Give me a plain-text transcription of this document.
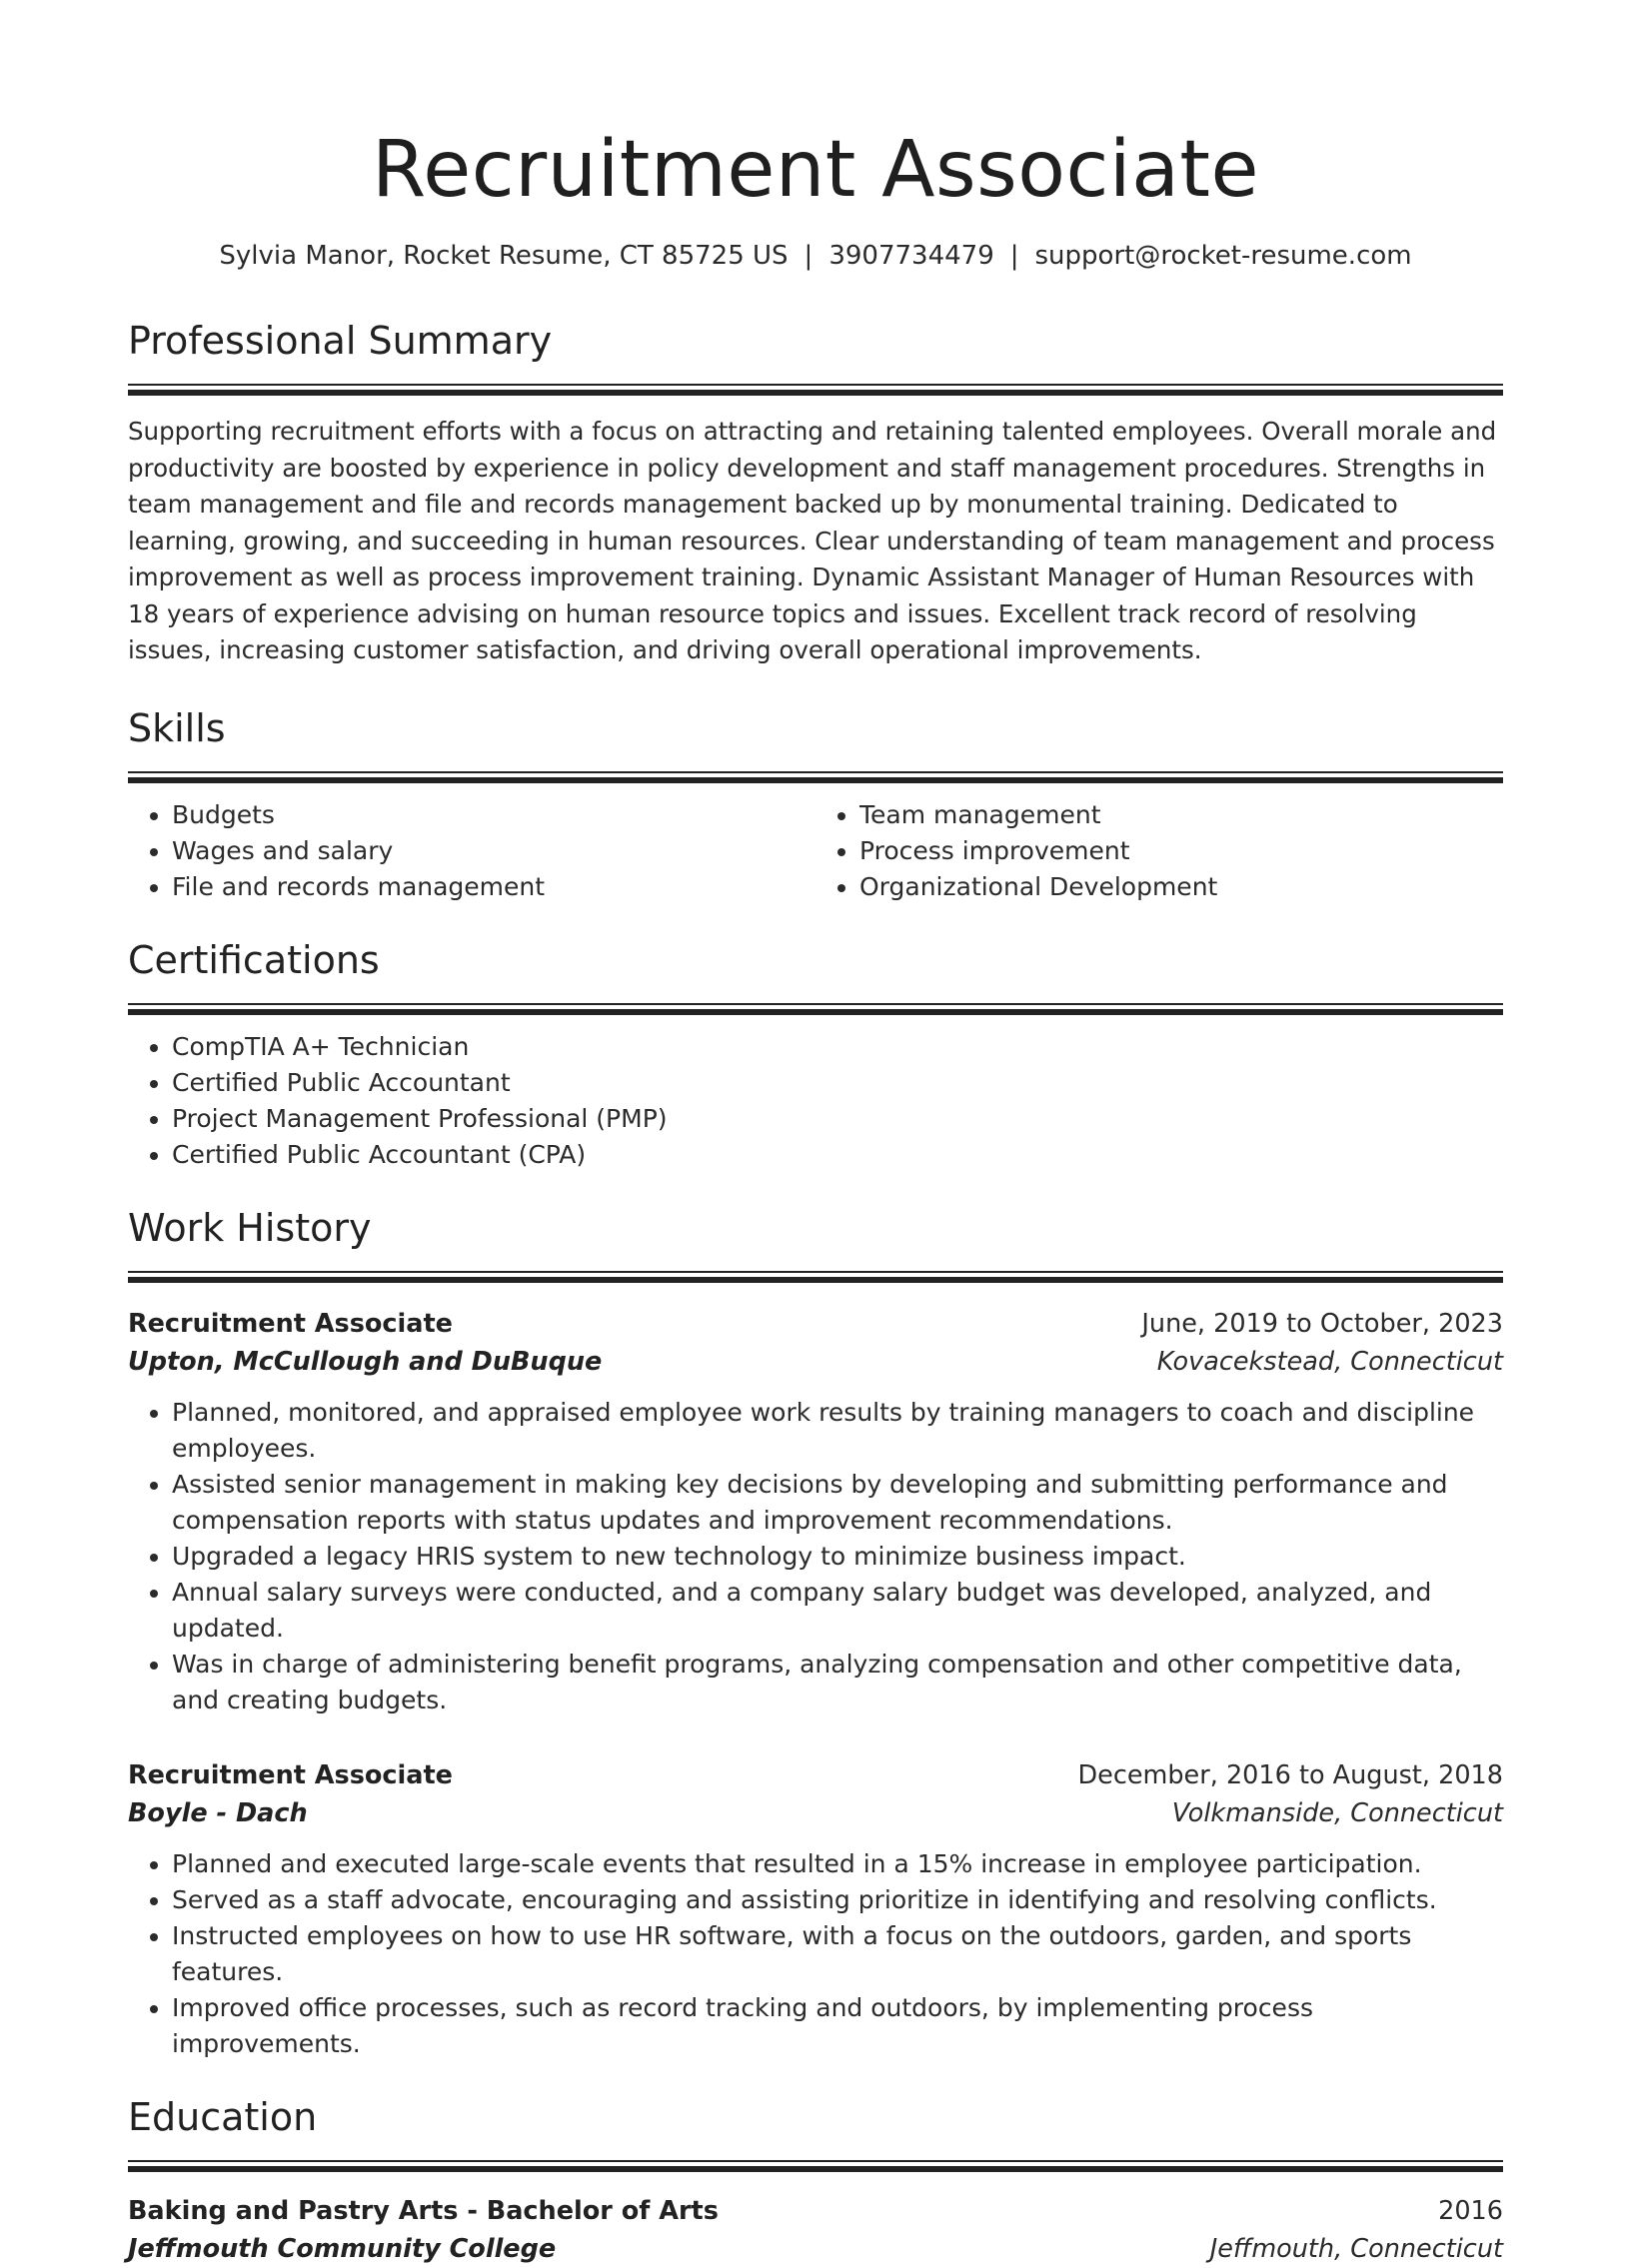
Recruitment Associate
Sylvia Manor, Rocket Resume, CT 85725 US | 3907734479 | support@rocket-resume.com
Professional Summary
Supporting recruitment efforts with a focus on attracting and retaining talented employees. Overall morale and productivity are boosted by experience in policy development and staff management procedures. Strengths in team management and file and records management backed up by monumental training. Dedicated to learning, growing, and succeeding in human resources. Clear understanding of team management and process improvement as well as process improvement training. Dynamic Assistant Manager of Human Resources with 18 years of experience advising on human resource topics and issues. Excellent track record of resolving issues, increasing customer satisfaction, and driving overall operational improvements.
Skills
• Budgets
• Wages and salary
• File and records management
• Team management
• Process improvement
• Organizational Development
Certifications
• CompTIA A+ Technician
• Certified Public Accountant
• Project Management Professional (PMP)
• Certified Public Accountant (CPA)
Work History
Recruitment Associate	June, 2019 to October, 2023
Upton, McCullough and DuBuque	Kovacekstead, Connecticut
• Planned, monitored, and appraised employee work results by training managers to coach and discipline employees.
• Assisted senior management in making key decisions by developing and submitting performance and compensation reports with status updates and improvement recommendations.
• Upgraded a legacy HRIS system to new technology to minimize business impact.
• Annual salary surveys were conducted, and a company salary budget was developed, analyzed, and updated.
• Was in charge of administering benefit programs, analyzing compensation and other competitive data, and creating budgets.
Recruitment Associate	December, 2016 to August, 2018
Boyle - Dach	Volkmanside, Connecticut
• Planned and executed large-scale events that resulted in a 15% increase in employee participation.
• Served as a staff advocate, encouraging and assisting prioritize in identifying and resolving conflicts.
• Instructed employees on how to use HR software, with a focus on the outdoors, garden, and sports features.
• Improved office processes, such as record tracking and outdoors, by implementing process improvements.
Education
Baking and Pastry Arts - Bachelor of Arts	2016
Jeffmouth Community College	Jeffmouth, Connecticut
